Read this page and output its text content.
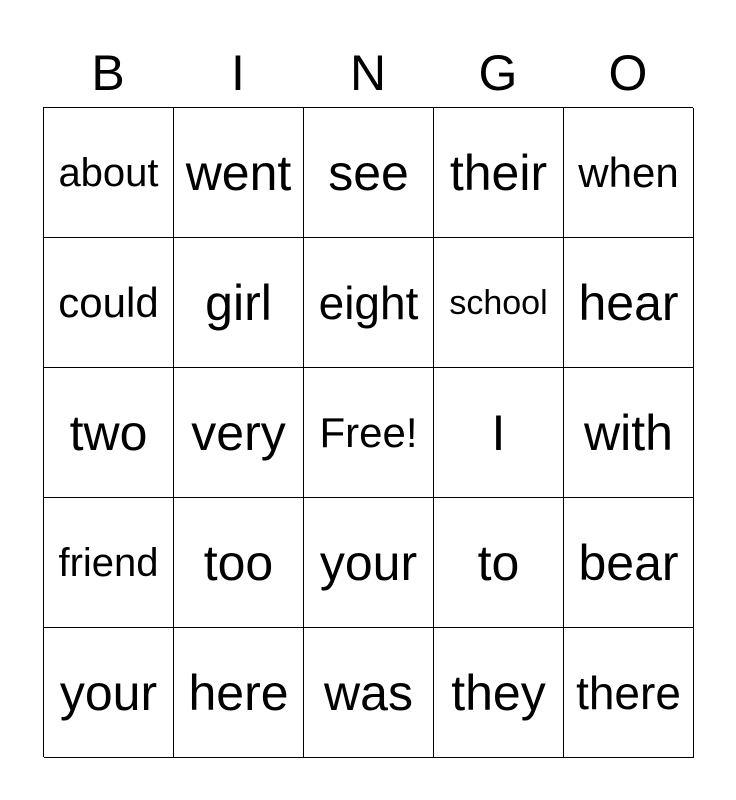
B	I	N	G	O
about went see their when
could girl eight school hear
two very Free! I with
friend too your to bear
your here was they there
